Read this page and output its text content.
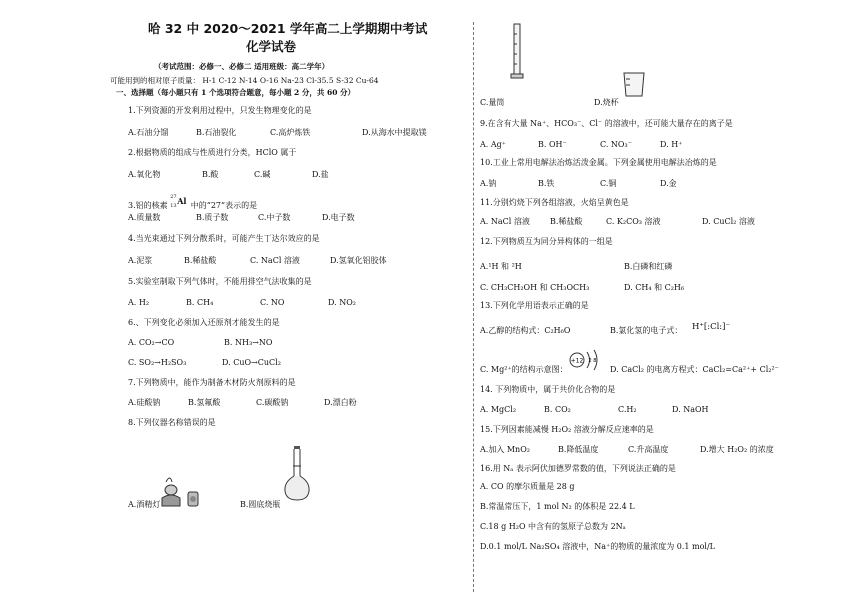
哈 32 中 2020～2021 学年高二上学期期中考试
化学试卷
（考试范围：必修一、必修二 适用班级：高二学年）
可能用到的相对原子质量： H-1 C-12 N-14 O-16 Na-23 Cl-35.5 S-32 Cu-64
一、选择题（每小题只有 1 个选项符合题意，每小题 2 分，共 60 分）
1.下列资源的开发利用过程中，只发生物理变化的是
A.石油分馏	B.石油裂化	C.高炉炼铁	D.从海水中提取镁
2.根据物质的组成与性质进行分类，HClO 属于
A.氧化物	B.酸	C.碱	D.盐
3.铝的核素
27
13 Al 中的“27”表示的是
A.质量数	B.质子数	C.中子数	D.电子数
4.当光束通过下列分散系时，可能产生丁达尔效应的是
A.泥浆	B.稀盐酸	C. NaCl 溶液	D.氢氧化铝胶体
5.实验室制取下列气体时，不能用排空气法收集的是
A. H₂	B. CH₄	C. NO	D. NO₂
6.、下列变化必须加入还原剂才能发生的是
A. CO₂→CO	B. NH₃→NO
C. SO₂→H₂SO₃	D. CuO→CuCl₂
7.下列物质中，能作为制备木材防火剂原料的是
A.硅酸钠	B.氢氟酸	C.碳酸钠	D.漂白粉
8.下列仪器名称错误的是
A.酒精灯	B.圆底烧瓶
C.量筒	D.烧杯
9.在含有大量 Na⁺、HCO₃⁻、Cl⁻ 的溶液中，还可能大量存在的离子是
A. Ag⁺	B. OH⁻	C. NO₃⁻	D. H⁺
10.工业上常用电解法冶炼活泼金属。下列金属使用电解法冶炼的是
A.钠	B.铁	C.铜	D.金
11.分别灼烧下列各组溶液，火焰呈黄色是
A. NaCl 溶液	B.稀盐酸	C. K₂CO₃ 溶液	D. CuCl₂ 溶液
12.下列物质互为同分异构体的一组是
A.¹H 和 ²H	B.白磷和红磷
C. CH₃CH₂OH 和 CH₃OCH₃	D. CH₄ 和 C₂H₆
13.下列化学用语表示正确的是
A.乙醇的结构式：C₂H₆O	B.氯化氢的电子式： H⁺[:Cl:]⁻
C. Mg²⁺的结构示意图：
+12 2 8
D. CaCl₂ 的电离方程式：CaCl₂=Ca²⁺+ Cl₂²⁻
14. 下列物质中，属于共价化合物的是
A. MgCl₂	B. CO₂	C.H₂	D. NaOH
15.下列因素能减慢 H₂O₂ 溶液分解反应速率的是
A.加入 MnO₂	B.降低温度	C.升高温度	D.增大 H₂O₂ 的浓度
16.用 Nₐ 表示阿伏加德罗常数的值，下列说法正确的是
A. CO 的摩尔质量是 28 g
B.常温常压下，1 mol N₂ 的体积是 22.4 L
C.18 g H₂O 中含有的氢原子总数为 2Nₐ
D.0.1 mol/L Na₂SO₄ 溶液中，Na⁺的物质的量浓度为 0.1 mol/L
